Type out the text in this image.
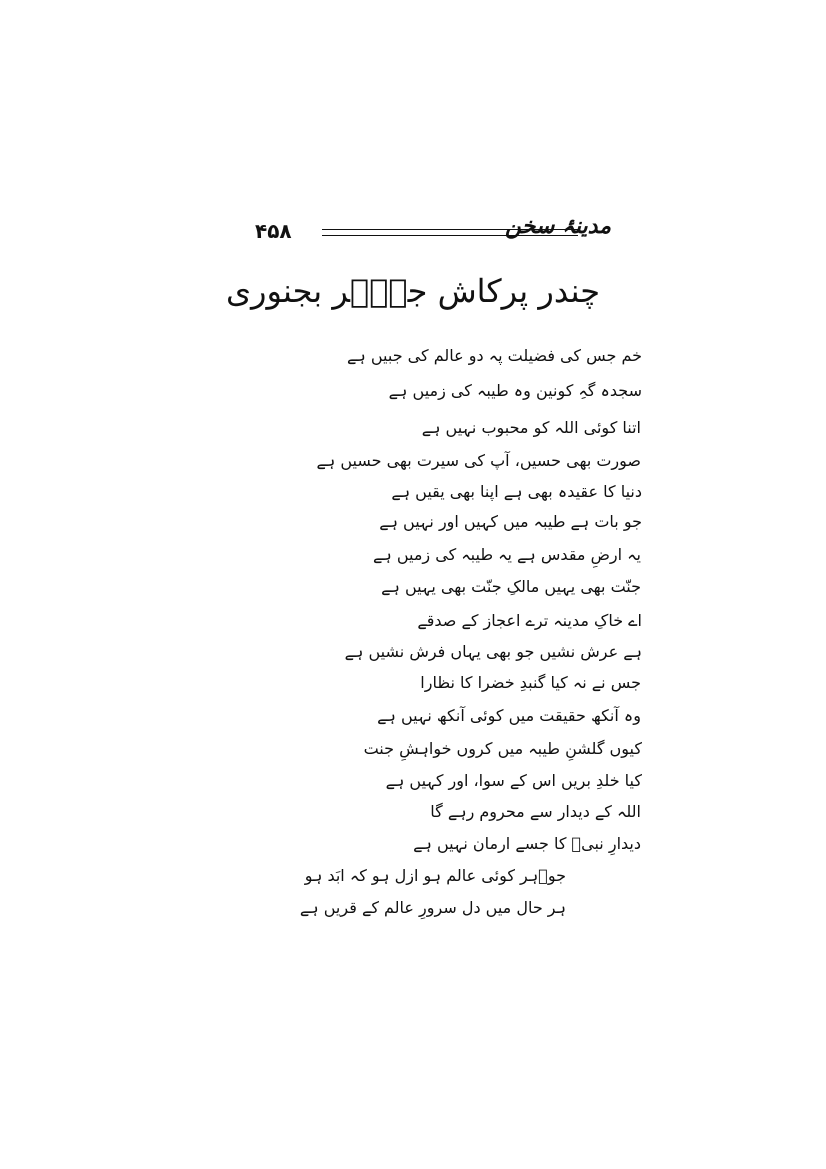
۴۵۸	مدینۂ سخن
چندر پرکاش جوؔہر بجنوری
خم جس کی فضیلت پہ دو عالم کی جبیں ہے
سجدہ گہِ کونین وہ طیبہ کی زمیں ہے
اتنا کوئی اللہ کو محبوب نہیں ہے
صورت بھی حسیں، آپ کی سیرت بھی حسیں ہے
دنیا کا عقیدہ بھی ہے اپنا بھی یقیں ہے
جو بات ہے طیبہ میں کہیں اور نہیں ہے
یہ ارضِ مقدس ہے یہ طیبہ کی زمیں ہے
جنّت بھی یہیں مالکِ جنّت بھی یہیں ہے
اے خاکِ مدینہ ترے اعجاز کے صدقے
ہے عرش نشیں جو بھی یہاں فرش نشیں ہے
جس نے نہ کیا گنبدِ خضرا کا نظارا
وہ آنکھ حقیقت میں کوئی آنکھ نہیں ہے
کیوں گلشنِ طیبہ میں کروں خواہشِ جنت
کیا خلدِ بریں اس کے سوا، اور کہیں ہے
اللہ کے دیدار سے محروم رہے گا
دیدارِ نبیؐ کا جسے ارمان نہیں ہے
جوؔہر کوئی عالم ہو ازل ہو کہ ابَد ہو
ہر حال میں دل سرورِ عالم کے قریں ہے
